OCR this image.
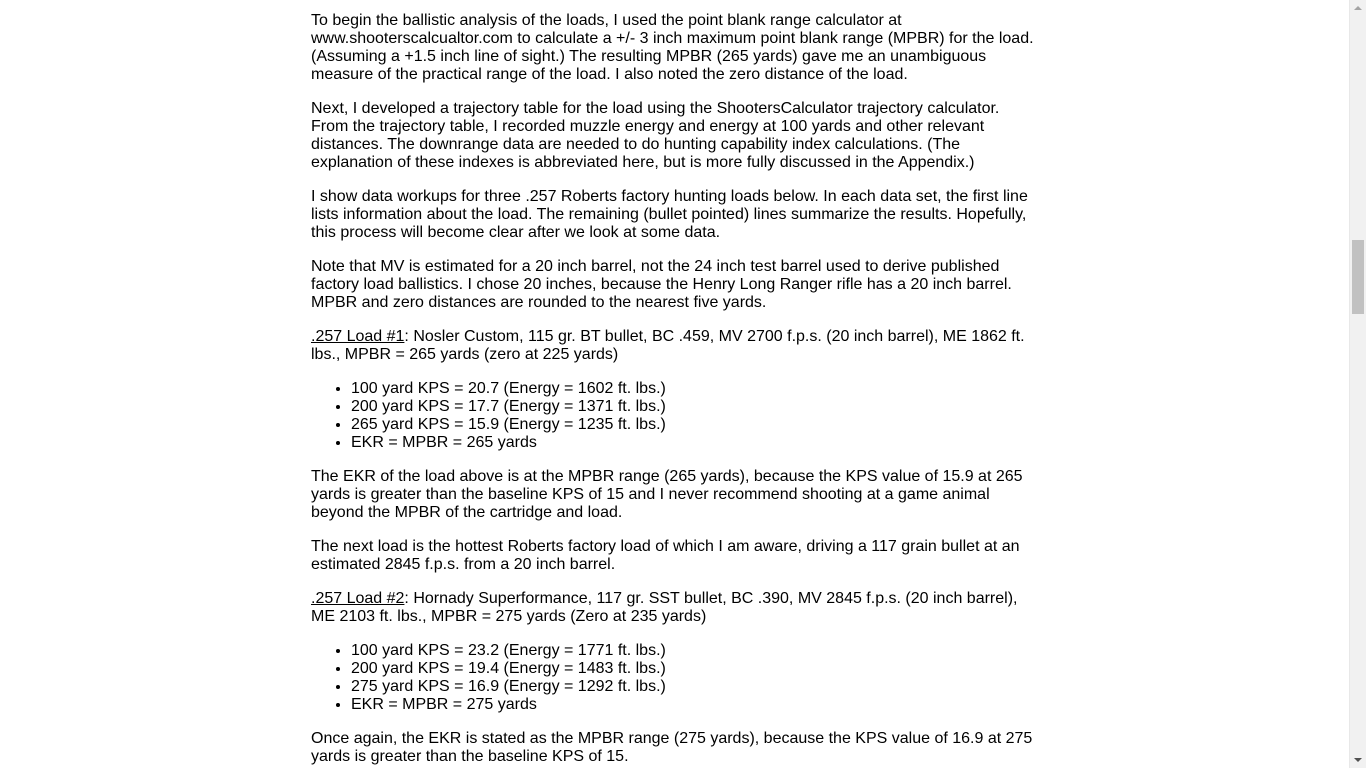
To begin the ballistic analysis of the loads, I used the point blank range calculator at www.shooterscalcualtor.com to calculate a +/- 3 inch maximum point blank range (MPBR) for the load. (Assuming a +1.5 inch line of sight.) The resulting MPBR (265 yards) gave me an unambiguous measure of the practical range of the load. I also noted the zero distance of the load.

Next, I developed a trajectory table for the load using the ShootersCalculator trajectory calculator. From the trajectory table, I recorded muzzle energy and energy at 100 yards and other relevant distances. The downrange data are needed to do hunting capability index calculations. (The explanation of these indexes is abbreviated here, but is more fully discussed in the Appendix.)

I show data workups for three .257 Roberts factory hunting loads below. In each data set, the first line lists information about the load. The remaining (bullet pointed) lines summarize the results. Hopefully, this process will become clear after we look at some data.

Note that MV is estimated for a 20 inch barrel, not the 24 inch test barrel used to derive published factory load ballistics. I chose 20 inches, because the Henry Long Ranger rifle has a 20 inch barrel. MPBR and zero distances are rounded to the nearest five yards.

.257 Load #1: Nosler Custom, 115 gr. BT bullet, BC .459, MV 2700 f.p.s. (20 inch barrel), ME 1862 ft. lbs., MPBR = 265 yards (zero at 225 yards)

• 100 yard KPS = 20.7 (Energy = 1602 ft. lbs.)
• 200 yard KPS = 17.7 (Energy = 1371 ft. lbs.)
• 265 yard KPS = 15.9 (Energy = 1235 ft. lbs.)
• EKR = MPBR = 265 yards

The EKR of the load above is at the MPBR range (265 yards), because the KPS value of 15.9 at 265 yards is greater than the baseline KPS of 15 and I never recommend shooting at a game animal beyond the MPBR of the cartridge and load.

The next load is the hottest Roberts factory load of which I am aware, driving a 117 grain bullet at an estimated 2845 f.p.s. from a 20 inch barrel.

.257 Load #2: Hornady Superformance, 117 gr. SST bullet, BC .390, MV 2845 f.p.s. (20 inch barrel), ME 2103 ft. lbs., MPBR = 275 yards (Zero at 235 yards)

• 100 yard KPS = 23.2 (Energy = 1771 ft. lbs.)
• 200 yard KPS = 19.4 (Energy = 1483 ft. lbs.)
• 275 yard KPS = 16.9 (Energy = 1292 ft. lbs.)
• EKR = MPBR = 275 yards

Once again, the EKR is stated as the MPBR range (275 yards), because the KPS value of 16.9 at 275 yards is greater than the baseline KPS of 15.
